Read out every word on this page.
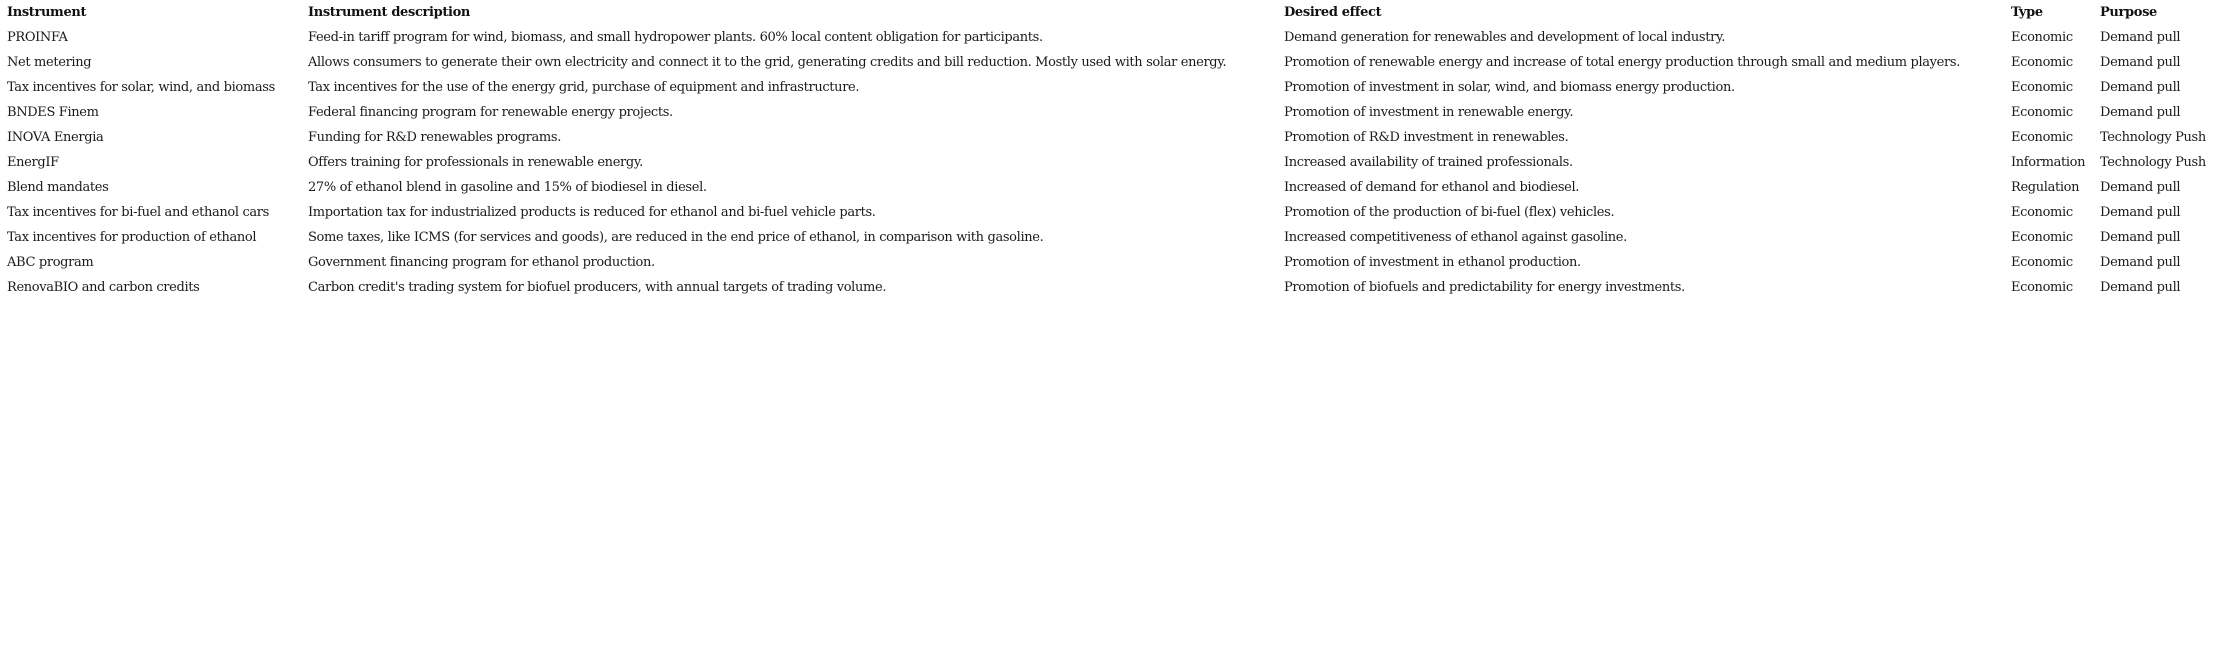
Instrument	Instrument description	Desired effect	Type	Purpose
PROINFA	Feed-in tariff program for wind, biomass, and small hydropower plants. 60% local content obligation for participants.	Demand generation for renewables and development of local industry.	Economic	Demand pull
Net metering	Allows consumers to generate their own electricity and connect it to the grid, generating credits and bill reduction. Mostly used with solar energy.	Promotion of renewable energy and increase of total energy production through small and medium players.	Economic	Demand pull
Tax incentives for solar, wind, and biomass	Tax incentives for the use of the energy grid, purchase of equipment and infrastructure.	Promotion of investment in solar, wind, and biomass energy production.	Economic	Demand pull
BNDES Finem	Federal financing program for renewable energy projects.	Promotion of investment in renewable energy.	Economic	Demand pull
INOVA Energia	Funding for R&D renewables programs.	Promotion of R&D investment in renewables.	Economic	Technology Push
EnergIF	Offers training for professionals in renewable energy.	Increased availability of trained professionals.	Information	Technology Push
Blend mandates	27% of ethanol blend in gasoline and 15% of biodiesel in diesel.	Increased of demand for ethanol and biodiesel.	Regulation	Demand pull
Tax incentives for bi-fuel and ethanol cars	Importation tax for industrialized products is reduced for ethanol and bi-fuel vehicle parts.	Promotion of the production of bi-fuel (flex) vehicles.	Economic	Demand pull
Tax incentives for production of ethanol	Some taxes, like ICMS (for services and goods), are reduced in the end price of ethanol, in comparison with gasoline.	Increased competitiveness of ethanol against gasoline.	Economic	Demand pull
ABC program	Government financing program for ethanol production.	Promotion of investment in ethanol production.	Economic	Demand pull
RenovaBIO and carbon credits	Carbon credit's trading system for biofuel producers, with annual targets of trading volume.	Promotion of biofuels and predictability for energy investments.	Economic	Demand pull
